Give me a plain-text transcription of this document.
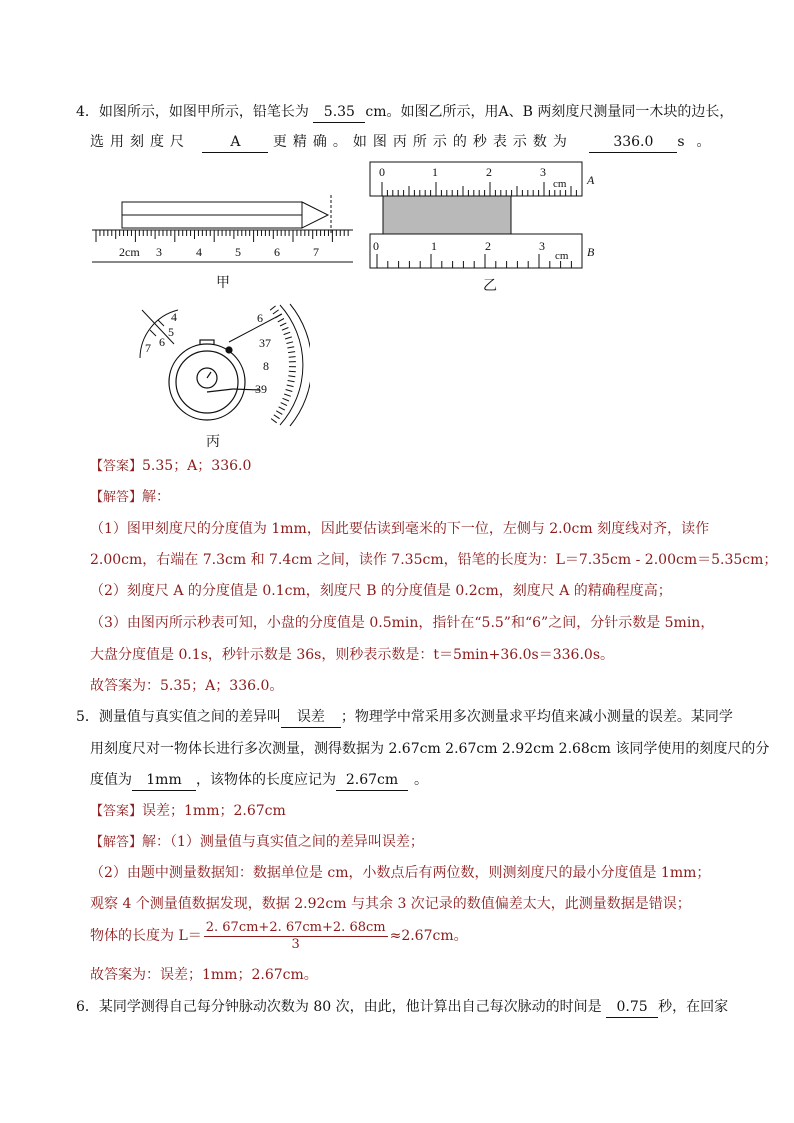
4．如图所示，如图甲所示，铅笔长为 5.35 cm。如图乙所示，用A、B 两刻度尺测量同一木块的边长，
选用刻度尺	A 更精确。如图丙所示的秒表示数为	336.0 s 。
2cm 3	4	5	6	7
甲
0	1	2	3
cm
0	1	2	3
cm
A
B
乙
4
5
6
7
6
37
8
39
丙
【答案】5.35；A；336.0
【解答】解：
（1）图甲刻度尺的分度值为 1mm，因此要估读到毫米的下一位，左侧与 2.0cm 刻度线对齐，读作
2.00cm，右端在 7.3cm 和 7.4cm 之间，读作 7.35cm，铅笔的长度为：L＝7.35cm - 2.00cm＝5.35cm；
（2）刻度尺 A 的分度值是 0.1cm，刻度尺 B 的分度值是 0.2cm，刻度尺 A 的精确程度高；
（3）由图丙所示秒表可知，小盘的分度值是 0.5min，指针在“5.5”和“6”之间，分针示数是 5min，
大盘分度值是 0.1s，秒针示数是 36s，则秒表示数是：t＝5min+36.0s＝336.0s。
故答案为：5.35；A；336.0。
5．测量值与真实值之间的差异叫 误差 ；物理学中常采用多次测量求平均值来减小测量的误差。某同学
用刻度尺对一物体长进行多次测量，测得数据为 2.67cm 2.67cm 2.92cm 2.68cm 该同学使用的刻度尺的分
度值为 1mm ，该物体的长度应记为 2.67cm 。
【答案】误差；1mm；2.67cm
【解答】解：（1）测量值与真实值之间的差异叫误差；
（2）由题中测量数据知：数据单位是 cm，小数点后有两位数，则测刻度尺的最小分度值是 1mm；
观察 4 个测量值数据发现，数据 2.92cm 与其余 3 次记录的数值偏差太大，此测量数据是错误；
物体的长度为 $L= \frac{2. 67cm+2. 67cm+2. 68cm}{3} \approx 2.67cm$。
故答案为：误差；1mm；2.67cm。
6．某同学测得自己每分钟脉动次数为 80 次，由此，他计算出自己每次脉动的时间是 0.75 秒，在回家
